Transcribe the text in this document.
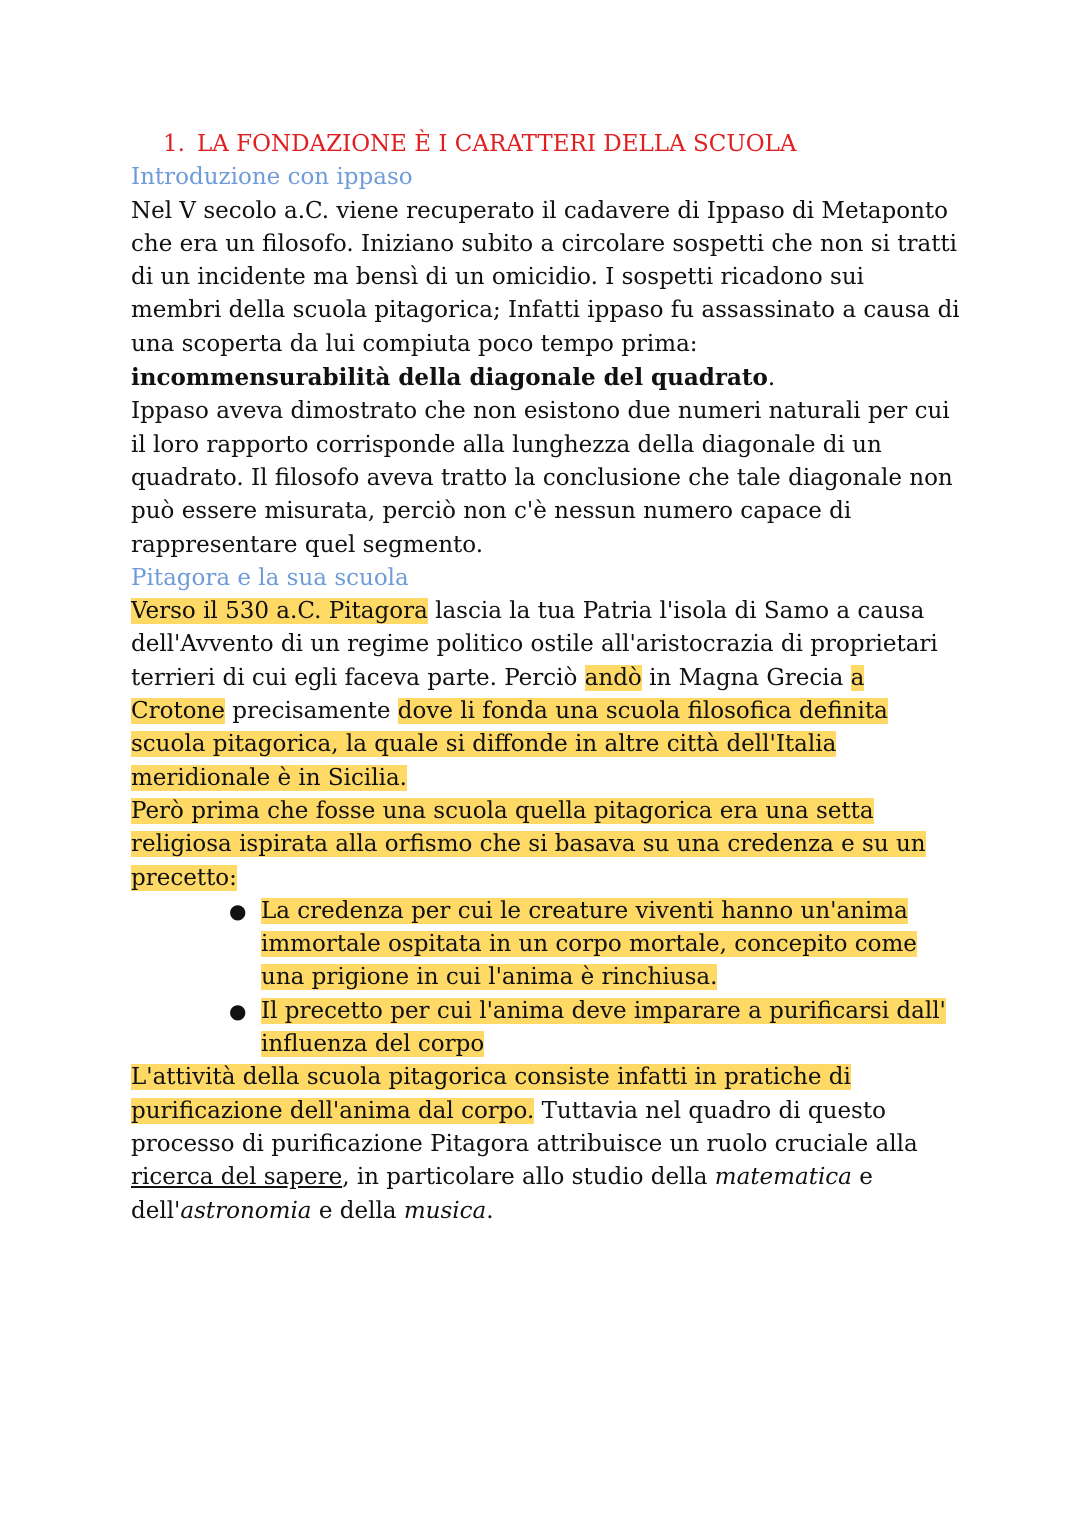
1. LA FONDAZIONE È I CARATTERI DELLA SCUOLA
Introduzione con ippaso
Nel V secolo a.C. viene recuperato il cadavere di Ippaso di Metaponto che era un filosofo. Iniziano subito a circolare sospetti che non si tratti di un incidente ma bensì di un omicidio. I sospetti ricadono sui membri della scuola pitagorica; Infatti ippaso fu assassinato a causa di una scoperta da lui compiuta poco tempo prima: incommensurabilità della diagonale del quadrato.
Ippaso aveva dimostrato che non esistono due numeri naturali per cui il loro rapporto corrisponde alla lunghezza della diagonale di un quadrato. Il filosofo aveva tratto la conclusione che tale diagonale non può essere misurata, perciò non c'è nessun numero capace di rappresentare quel segmento.
Pitagora e la sua scuola
Verso il 530 a.C. Pitagora lascia la tua Patria l'isola di Samo a causa dell'Avvento di un regime politico ostile all'aristocrazia di proprietari terrieri di cui egli faceva parte. Perciò andò in Magna Grecia a Crotone precisamente dove li fonda una scuola filosofica definita scuola pitagorica, la quale si diffonde in altre città dell'Italia meridionale è in Sicilia.
Però prima che fosse una scuola quella pitagorica era una setta religiosa ispirata alla orfismo che si basava su una credenza e su un precetto:
● La credenza per cui le creature viventi hanno un'anima immortale ospitata in un corpo mortale, concepito come una prigione in cui l'anima è rinchiusa.
● Il precetto per cui l'anima deve imparare a purificarsi dall' influenza del corpo
L'attività della scuola pitagorica consiste infatti in pratiche di purificazione dell'anima dal corpo. Tuttavia nel quadro di questo processo di purificazione Pitagora attribuisce un ruolo cruciale alla ricerca del sapere, in particolare allo studio della matematica e dell'astronomia e della musica.
